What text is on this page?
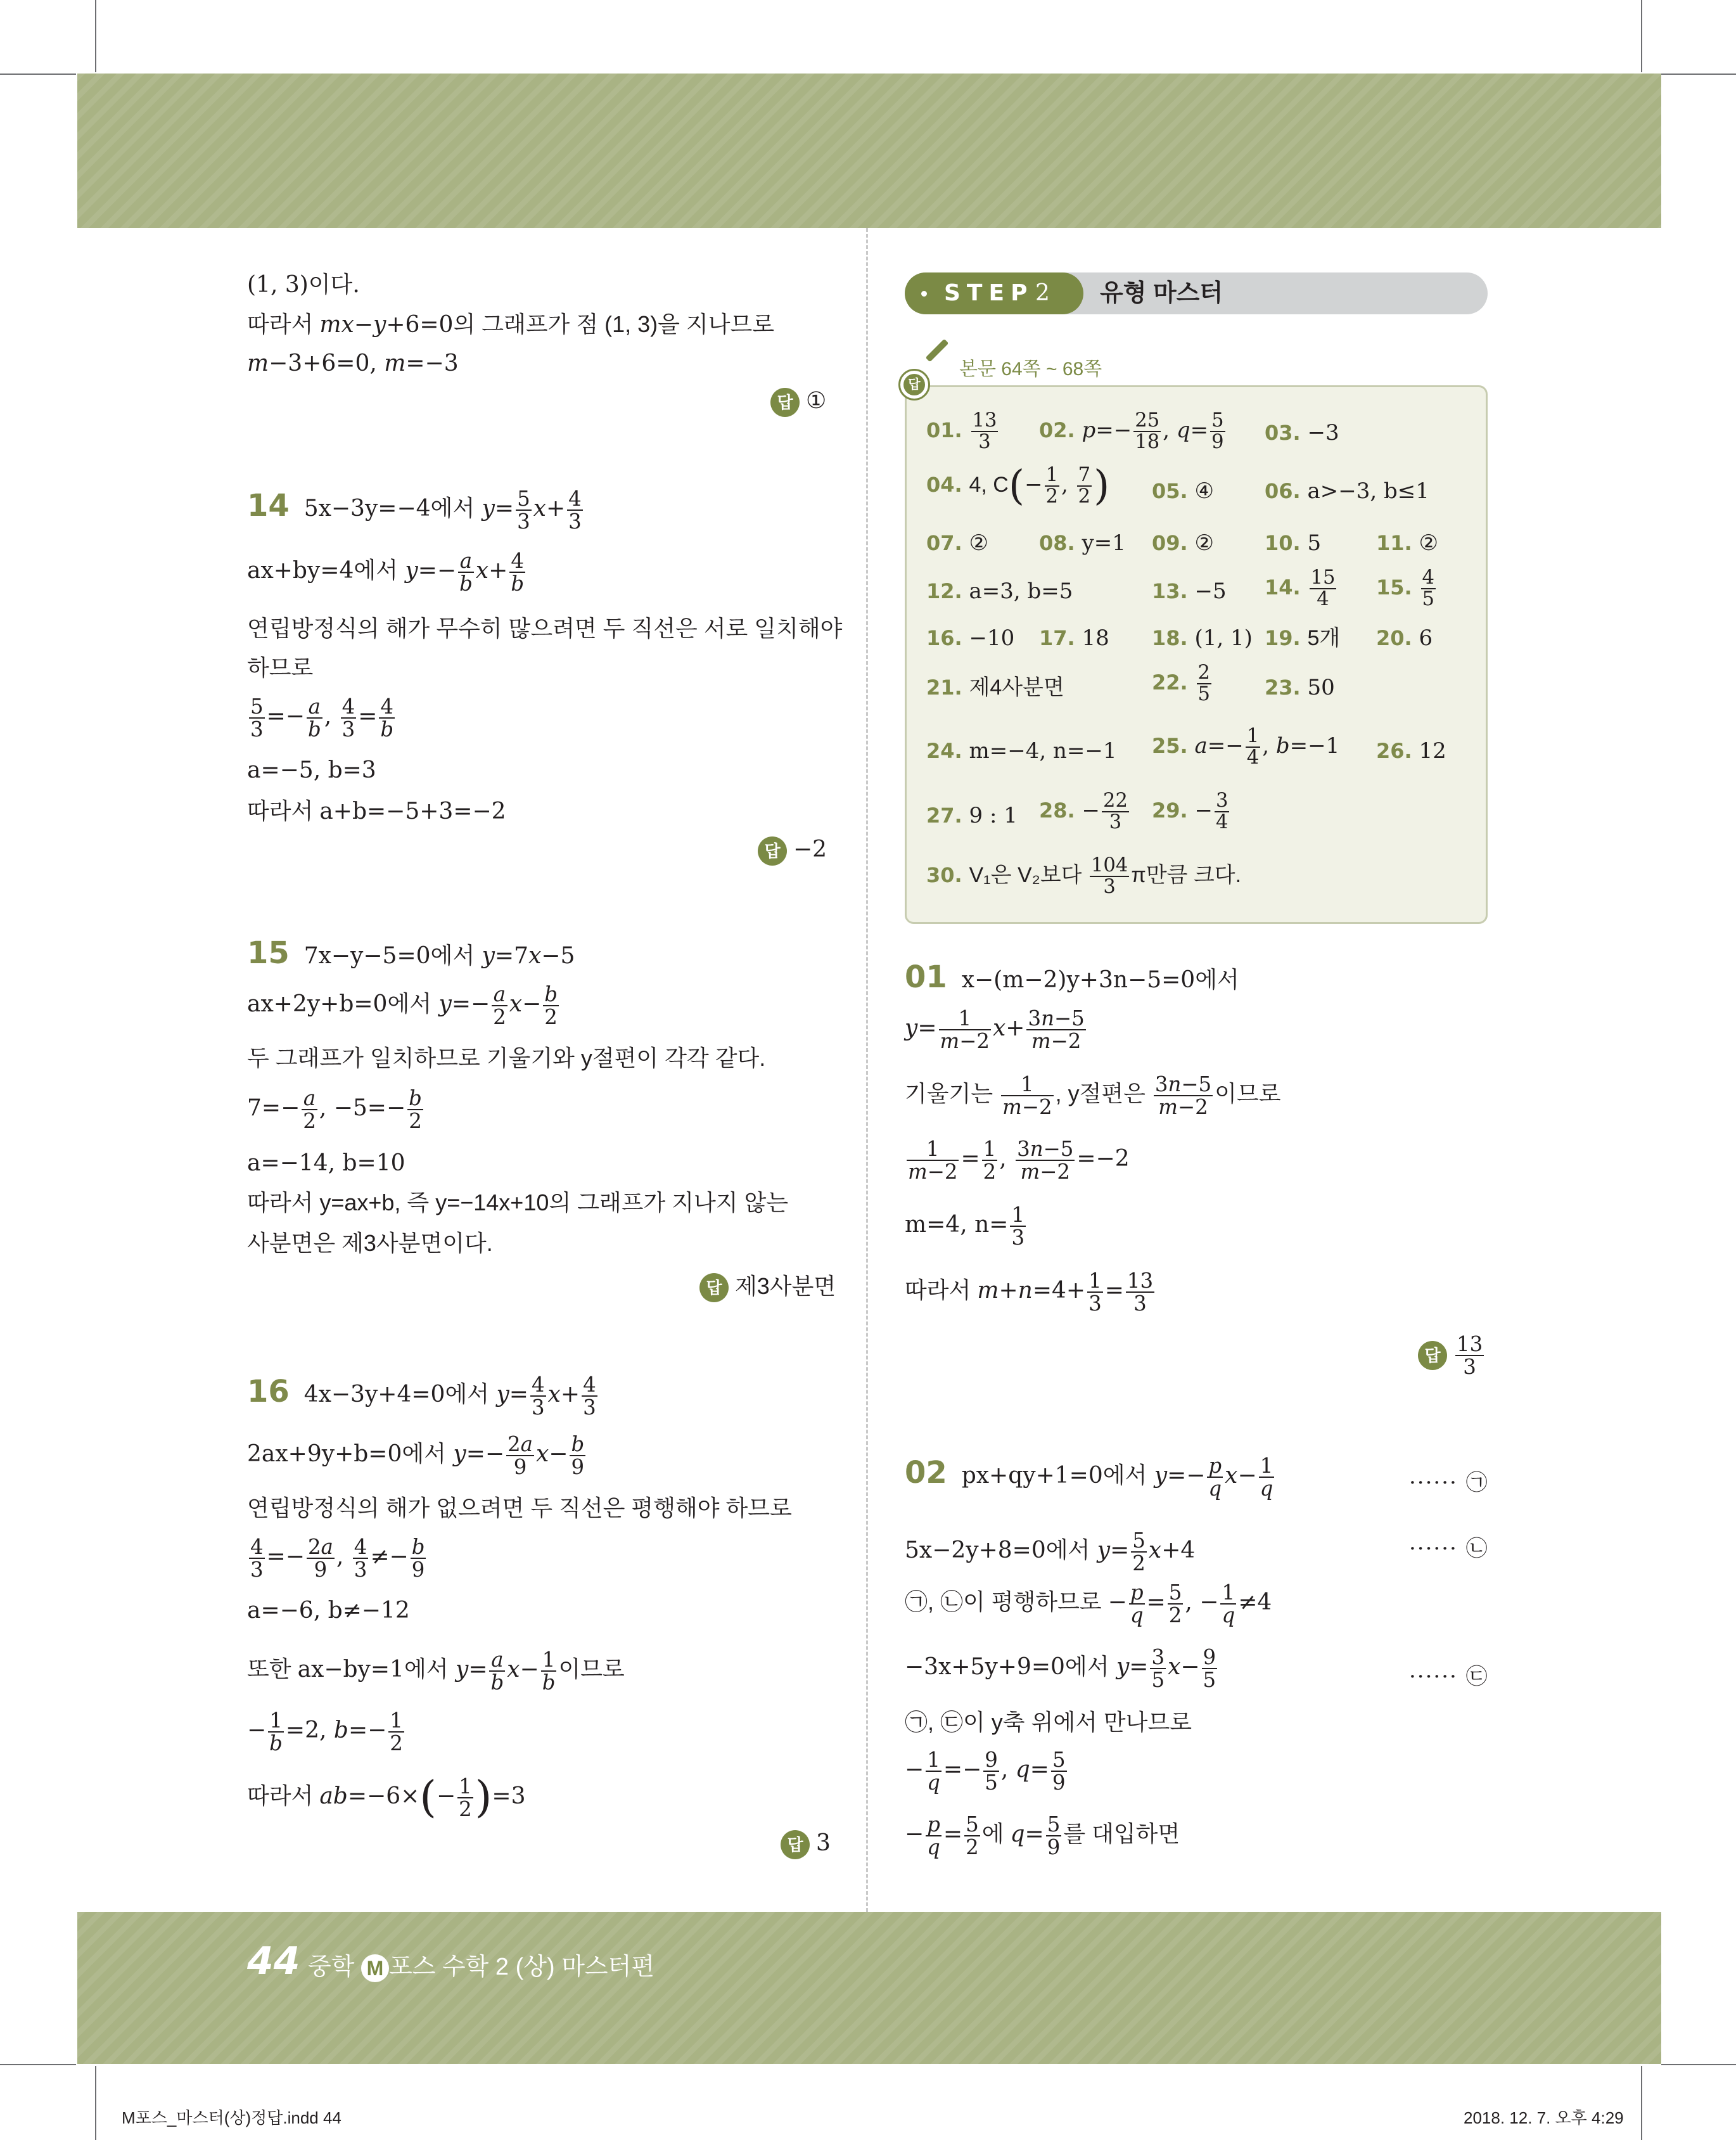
(1, 3)이다.
따라서 mx−y+6=0의 그래프가 점 (1, 3)을 지나므로
m−3+6=0, m=−3
답 ①
14 5x−3y=−4에서 $y= \frac{5}{3} x+ \frac{4}{3}$
ax+by=4에서 $y=- \frac{a}{b} x+ \frac{4}{b}$
연립방정식의 해가 무수히 많으려면 두 직선은 서로 일치해야
하므로
$\frac{5}{3} =- \frac{a}{b}$ , $\frac{4}{3} = \frac{4}{b}$
a=−5, b=3
따라서 a+b=−5+3=−2
답 −2
15 7x−y−5=0에서 y=7x−5
ax+2y+b=0에서 $y=- \frac{a}{2} x- \frac{b}{2}$
두 그래프가 일치하므로 기울기와 y절편이 각각 같다.
$7=- \frac{a}{2}$ , $-5=- \frac{b}{2}$
a=−14, b=10
따라서 y=ax+b, 즉 y=−14x+10의 그래프가 지나지 않는
사분면은 제3사분면이다.
답 제3사분면
16 4x−3y+4=0에서 $y= \frac{4}{3} x+ \frac{4}{3}$
2ax+9y+b=0에서 $y=- \frac{2a}{9} x- \frac{b}{9}$
연립방정식의 해가 없으려면 두 직선은 평행해야 하므로
$\frac{4}{3} =- \frac{2a}{9}$ , $\frac{4}{3} \ne- \frac{b}{9}$
a=−6, b≠−12
또한 ax−by=1에서 $y= \frac{a}{b} x- \frac{1}{b}$ 이므로
− $\frac{1}{b} =2$, $b=- \frac{1}{2}$
따라서 $ab=-6\times(- \frac{1}{2} )=3$
답 3
STEP 2 유형 마스터
본문 64쪽 ~ 68쪽
답
01. $\frac{13}{3} 02$. $p=- \frac{25}{18}$ , $q= \frac{5}{9} 03$. −3
04. 4, $C(- \frac{1}{2}$ , $\frac{7}{2}$ ) 05. ④	06. a>−3, b≤1
07. ②	08. y=1 09. ②	10. 5	11. ②
12. a=3, b=5	13. −5 14. $\frac{15}{4} 15$. $\frac{4}{5}$
16. −10 17. 18 18. (1, 1) 19. 5개 20. 6
21. 제4사분면	22. $\frac{2}{5}$	23. 50
24. m=−4, n=−1 25. $a=- \frac{1}{4}$ , b=−1 26. 12
27. 9 : 1 28. − $\frac{22}{3} 29$. − $\frac{3}{4}$
30. V₁은 V₂보다 $\frac{104}{3}$ π만큼 크다.
01 x−(m−2)y+3n−5=0에서
$y= \frac{1}{m-2} x+ \frac{3n-5}{m-2}$
기울기는 $\frac{1}{m-2}$ , y절편은 $\frac{3n-5}{m-2}$ 이므로
$\frac{1}{m-2} = \frac{1}{2}$ , $\frac{3n-5}{m-2} =-2$
m=4, $n= \frac{1}{3}$
따라서 $m+n=4+ \frac{1}{3} = \frac{13}{3}$
답 $\frac{13}{3}$
02 px+qy+1=0에서 $y=- \frac{p}{q} x- \frac{1}{q}$	······ ㉠
5x−2y+8=0에서 $y= \frac{5}{2} x+4$	······ ㉡
㉠, ㉡이 평행하므로 − $\frac{p}{q} = \frac{5}{2}$ , − $\frac{1}{q} \ne 4$
−3x+5y+9=0에서 $y= \frac{3}{5} x- \frac{9}{5}$	······ ㉢
㉠, ㉢이 y축 위에서 만나므로
− $\frac{1}{q} =- \frac{9}{5}$ , $q= \frac{5}{9}$
− $\frac{p}{q} = \frac{5}{2}$ 에 $q= \frac{5}{9}$ 를 대입하면
44 중학 M 포스 수학 2 (상) 마스터편
M포스_마스터(상)정답.indd 44	2018. 12. 7. 오후 4:29
